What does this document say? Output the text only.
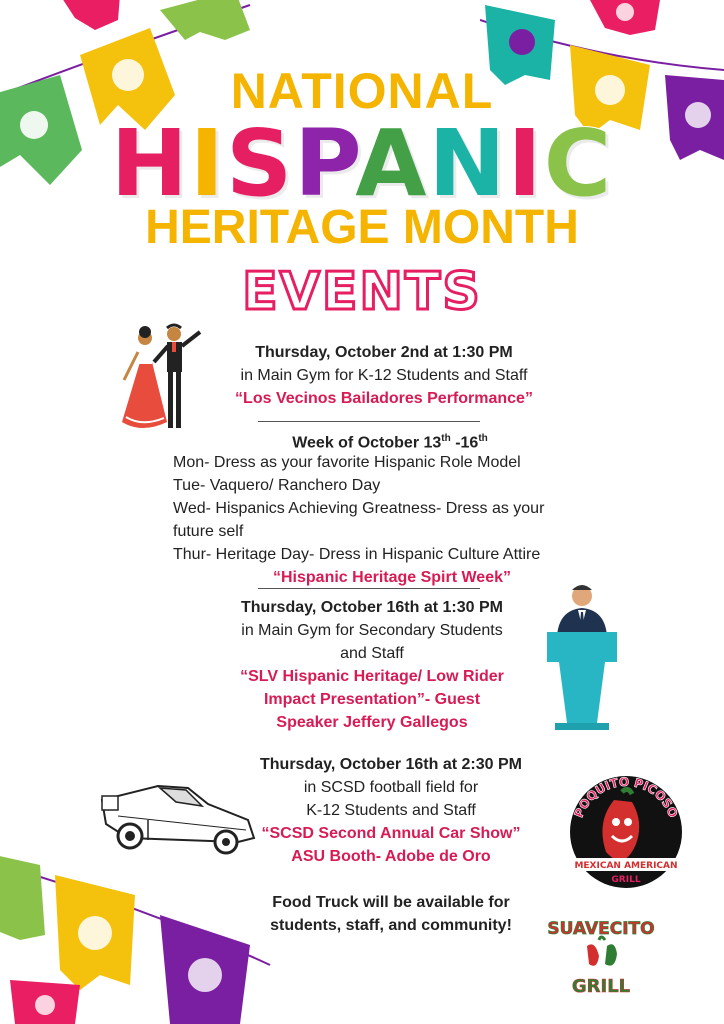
NATIONAL
HISPANIC
HERITAGE MONTH
EVENTS
Thursday, October 2nd at 1:30 PM
in Main Gym for K-12 Students and Staff
“Los Vecinos Bailadores Performance”
Week of October 13th -16th
Mon- Dress as your favorite Hispanic Role Model
Tue- Vaquero/ Ranchero Day
Wed- Hispanics Achieving Greatness- Dress as your
future self
Thur- Heritage Day- Dress in Hispanic Culture Attire
“Hispanic Heritage Spirt Week”
Thursday, October 16th at 1:30 PM
in Main Gym for Secondary Students
and Staff
“SLV Hispanic Heritage/ Low Rider
Impact Presentation”- Guest
Speaker Jeffery Gallegos
Thursday, October 16th at 2:30 PM
in SCSD football field for
K-12 Students and Staff
“SCSD Second Annual Car Show”
ASU Booth- Adobe de Oro
Food Truck will be available for
students, staff, and community!
POQUITO PICOSO
MEXICAN AMERICAN
GRILL
SUAVECITO
GRILL
